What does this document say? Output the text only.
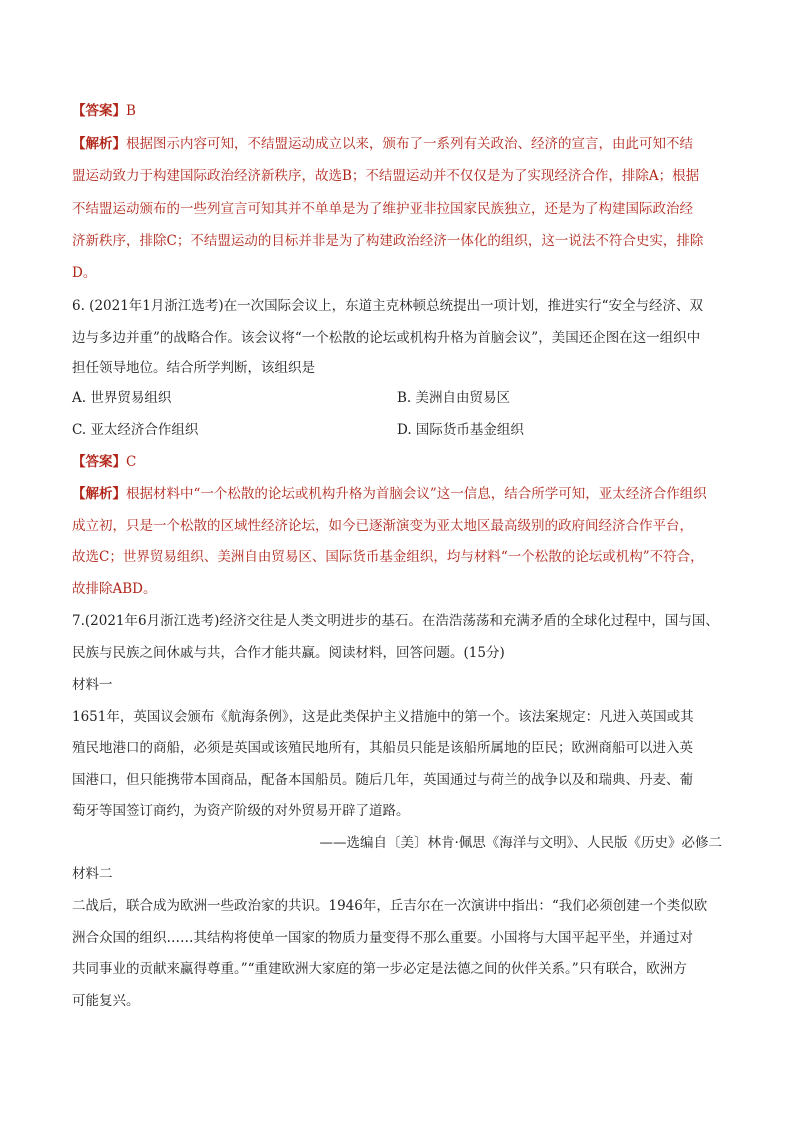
【答案】B
【解析】根据图示内容可知，不结盟运动成立以来，颁布了一系列有关政治、经济的宣言，由此可知不结
盟运动致力于构建国际政治经济新秩序，故选B；不结盟运动并不仅仅是为了实现经济合作，排除A；根据
不结盟运动颁布的一些列宣言可知其并不单单是为了维护亚非拉国家民族独立，还是为了构建国际政治经
济新秩序，排除C；不结盟运动的目标并非是为了构建政治经济一体化的组织，这一说法不符合史实，排除
D。
6. (2021年1月浙江选考)在一次国际会议上，东道主克林顿总统提出一项计划，推进实行“安全与经济、双
边与多边并重”的战略合作。该会议将“一个松散的论坛或机构升格为首脑会议”，美国还企图在这一组织中
担任领导地位。结合所学判断，该组织是
A. 世界贸易组织	B. 美洲自由贸易区
C. 亚太经济合作组织	D. 国际货币基金组织
【答案】C
【解析】根据材料中“一个松散的论坛或机构升格为首脑会议”这一信息，结合所学可知，亚太经济合作组织
成立初，只是一个松散的区域性经济论坛，如今已逐渐演变为亚太地区最高级别的政府间经济合作平台，
故选C；世界贸易组织、美洲自由贸易区、国际货币基金组织，均与材料“一个松散的论坛或机构”不符合，
故排除ABD。
7.(2021年6月浙江选考)经济交往是人类文明进步的基石。在浩浩荡荡和充满矛盾的全球化过程中，国与国、
民族与民族之间休戚与共，合作才能共赢。阅读材料，回答问题。(15分)
材料一
1651年，英国议会颁布《航海条例》，这是此类保护主义措施中的第一个。该法案规定：凡进入英国或其
殖民地港口的商船，必须是英国或该殖民地所有，其船员只能是该船所属地的臣民；欧洲商船可以进入英
国港口，但只能携带本国商品，配备本国船员。随后几年，英国通过与荷兰的战争以及和瑞典、丹麦、葡
萄牙等国签订商约，为资产阶级的对外贸易开辟了道路。
——选编自〔美〕林肯·佩思《海洋与文明》、人民版《历史》必修二
材料二
二战后，联合成为欧洲一些政治家的共识。1946年，丘吉尔在一次演讲中指出：“我们必须创建一个类似欧
洲合众国的组织……其结构将使单一国家的物质力量变得不那么重要。小国将与大国平起平坐，并通过对
共同事业的贡献来赢得尊重。”“重建欧洲大家庭的第一步必定是法德之间的伙伴关系。”只有联合，欧洲方
可能复兴。
